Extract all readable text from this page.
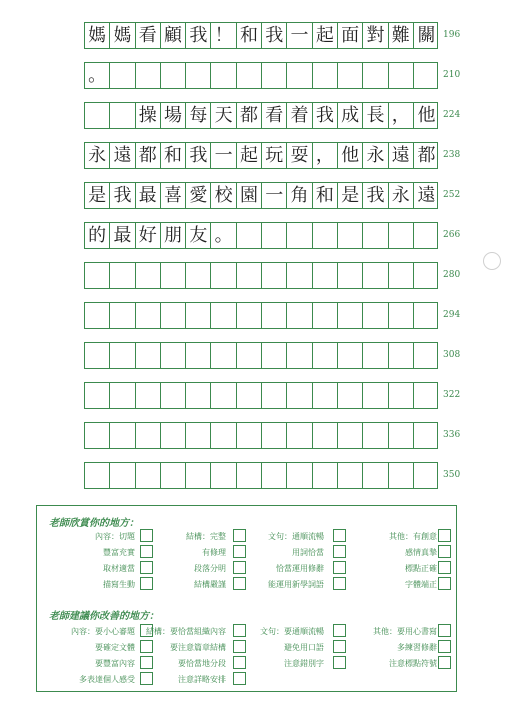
媽 媽 看 顧 我 ！ 和 我 一 起 面 對 難 關 196
。	210
操 場 每 天 都 看 着 我 成 長 ， 他 224
永 遠 都 和 我 一 起 玩 耍 ， 他 永 遠 都 238
是 我 最 喜 愛 校 園 一 角 和 是 我 永 遠 252
的 最 好 朋 友 。	266
280
294
308
322
336
350
老師欣賞你的地方：
內容：切題
豐富充實
取材適當
描寫生動
結構：完整
有條理
段落分明
結構嚴謹
文句：通順流暢
用詞恰當
恰當運用修辭
能運用新學詞語
其他：有創意
感情真摯
標點正確
字體端正
老師建議你改善的地方：
內容：要小心審題
要確定文體
要豐富內容
多表達個人感受
結構：要恰當組織內容
要注意篇章結構
要恰當地分段
注意詳略安排
文句：要通順流暢
避免用口語
注意錯別字
其他：要用心書寫
多練習修辭
注意標點符號
